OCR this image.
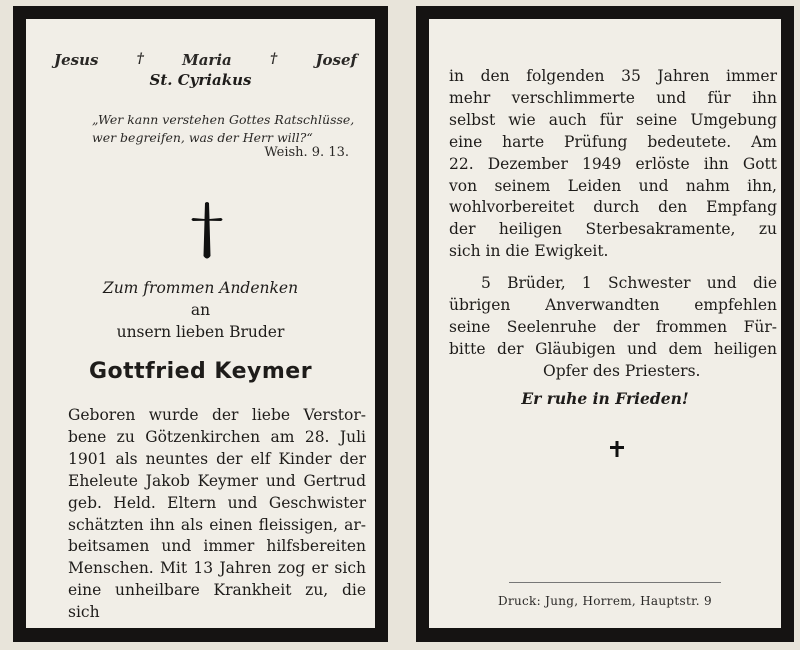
Jesus	†	Maria	†	Josef
St. Cyriakus
„Wer kann verstehen Gottes Ratschlüsse,
wer begreifen, was der Herr will?“
Weish. 9. 13.
Zum frommen Andenken
an
unsern lieben Bruder
Gottfried Keymer
Geboren wurde der liebe Verstor-
bene zu Götzenkirchen am 28. Juli
1901 als neuntes der elf Kinder der
Eheleute Jakob Keymer und Gertrud
geb. Held. Eltern und Geschwister
schätzten ihn als einen fleissigen, ar-
beitsamen und immer hilfsbereiten
Menschen. Mit 13 Jahren zog er sich
eine unheilbare Krankheit zu, die sich
in den folgenden 35 Jahren immer
mehr verschlimmerte und für ihn
selbst wie auch für seine Umgebung
eine harte Prüfung bedeutete. Am
22. Dezember 1949 erlöste ihn Gott
von seinem Leiden und nahm ihn,
wohlvorbereitet durch den Empfang
der heiligen Sterbesakramente, zu
sich in die Ewigkeit.
5 Brüder, 1 Schwester und die
übrigen Anverwandten empfehlen
seine Seelenruhe der frommen Für-
bitte der Gläubigen und dem heiligen
Opfer des Priesters.
Er ruhe in Frieden!
Druck: Jung, Horrem, Hauptstr. 9
